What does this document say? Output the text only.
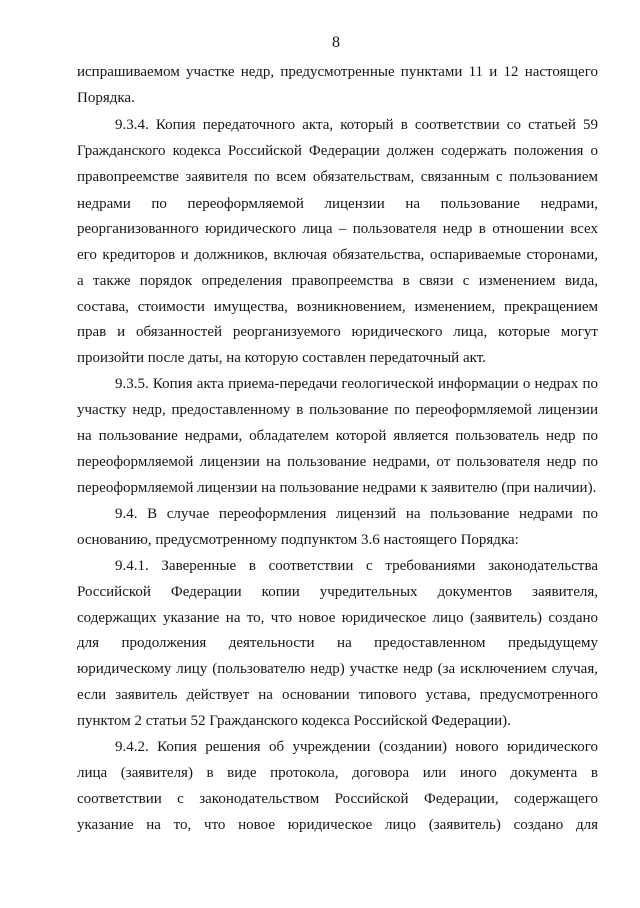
8
испрашиваемом участке недр, предусмотренные пунктами 11 и 12 настоящего
Порядка.
9.3.4. Копия передаточного акта, который в соответствии со статьей 59
Гражданского кодекса Российской Федерации должен содержать положения о
правопреемстве заявителя по всем обязательствам, связанным с пользованием
недрами по переоформляемой лицензии на пользование недрами,
реорганизованного юридического лица – пользователя недр в отношении всех
его кредиторов и должников, включая обязательства, оспариваемые сторонами,
а также порядок определения правопреемства в связи с изменением вида,
состава, стоимости имущества, возникновением, изменением, прекращением
прав и обязанностей реорганизуемого юридического лица, которые могут
произойти после даты, на которую составлен передаточный акт.
9.3.5. Копия акта приема-передачи геологической информации о недрах по
участку недр, предоставленному в пользование по переоформляемой лицензии
на пользование недрами, обладателем которой является пользователь недр по
переоформляемой лицензии на пользование недрами, от пользователя недр по
переоформляемой лицензии на пользование недрами к заявителю (при наличии).
9.4. В случае переоформления лицензий на пользование недрами по
основанию, предусмотренному подпунктом 3.6 настоящего Порядка:
9.4.1. Заверенные в соответствии с требованиями законодательства
Российской Федерации копии учредительных документов заявителя,
содержащих указание на то, что новое юридическое лицо (заявитель) создано
для продолжения деятельности на предоставленном предыдущему
юридическому лицу (пользователю недр) участке недр (за исключением случая,
если заявитель действует на основании типового устава, предусмотренного
пунктом 2 статьи 52 Гражданского кодекса Российской Федерации).
9.4.2. Копия решения об учреждении (создании) нового юридического
лица (заявителя) в виде протокола, договора или иного документа в
соответствии с законодательством Российской Федерации, содержащего
указание на то, что новое юридическое лицо (заявитель) создано для
